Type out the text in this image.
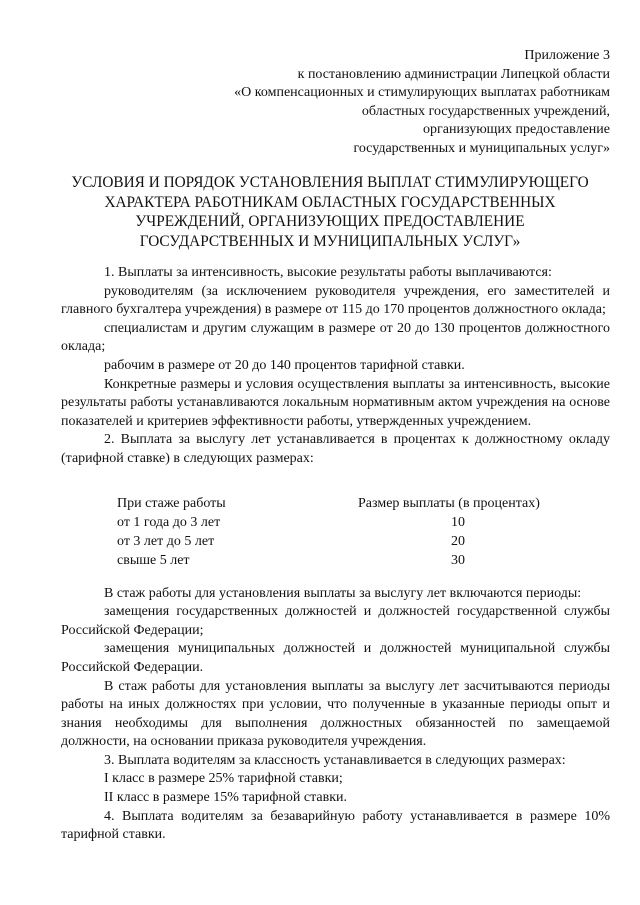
Приложение 3
к постановлению администрации Липецкой области
«О компенсационных и стимулирующих выплатах работникам
областных государственных учреждений,
организующих предоставление
государственных и муниципальных услуг»
УСЛОВИЯ И ПОРЯДОК УСТАНОВЛЕНИЯ ВЫПЛАТ СТИМУЛИРУЮЩЕГО
ХАРАКТЕРА РАБОТНИКАМ ОБЛАСТНЫХ ГОСУДАРСТВЕННЫХ
УЧРЕЖДЕНИЙ, ОРГАНИЗУЮЩИХ ПРЕДОСТАВЛЕНИЕ
ГОСУДАРСТВЕННЫХ И МУНИЦИПАЛЬНЫХ УСЛУГ»

1. Выплаты за интенсивность, высокие результаты работы выплачиваются:

руководителям (за исключением руководителя учреждения, его заместителей и главного бухгалтера учреждения) в размере от 115 до 170 процентов должностного оклада;

специалистам и другим служащим в размере от 20 до 130 процентов должностного оклада;

рабочим в размере от 20 до 140 процентов тарифной ставки.

Конкретные размеры и условия осуществления выплаты за интенсивность, высокие результаты работы устанавливаются локальным нормативным актом учреждения на основе показателей и критериев эффективности работы, утвержденных учреждением.

2. Выплата за выслугу лет устанавливается в процентах к должностному окладу (тарифной ставке) в следующих размерах:

При стаже работы	Размер выплаты (в процентах)
от 1 года до 3 лет	10
от 3 лет до 5 лет	20
свыше 5 лет	30

В стаж работы для установления выплаты за выслугу лет включаются периоды:

замещения государственных должностей и должностей государственной службы Российской Федерации;

замещения муниципальных должностей и должностей муниципальной службы Российской Федерации.

В стаж работы для установления выплаты за выслугу лет засчитываются периоды работы на иных должностях при условии, что полученные в указанные периоды опыт и знания необходимы для выполнения должностных обязанностей по замещаемой должности, на основании приказа руководителя учреждения.

3. Выплата водителям за классность устанавливается в следующих размерах:

I класс в размере 25% тарифной ставки;

II класс в размере 15% тарифной ставки.

4. Выплата водителям за безаварийную работу устанавливается в размере 10% тарифной ставки.
